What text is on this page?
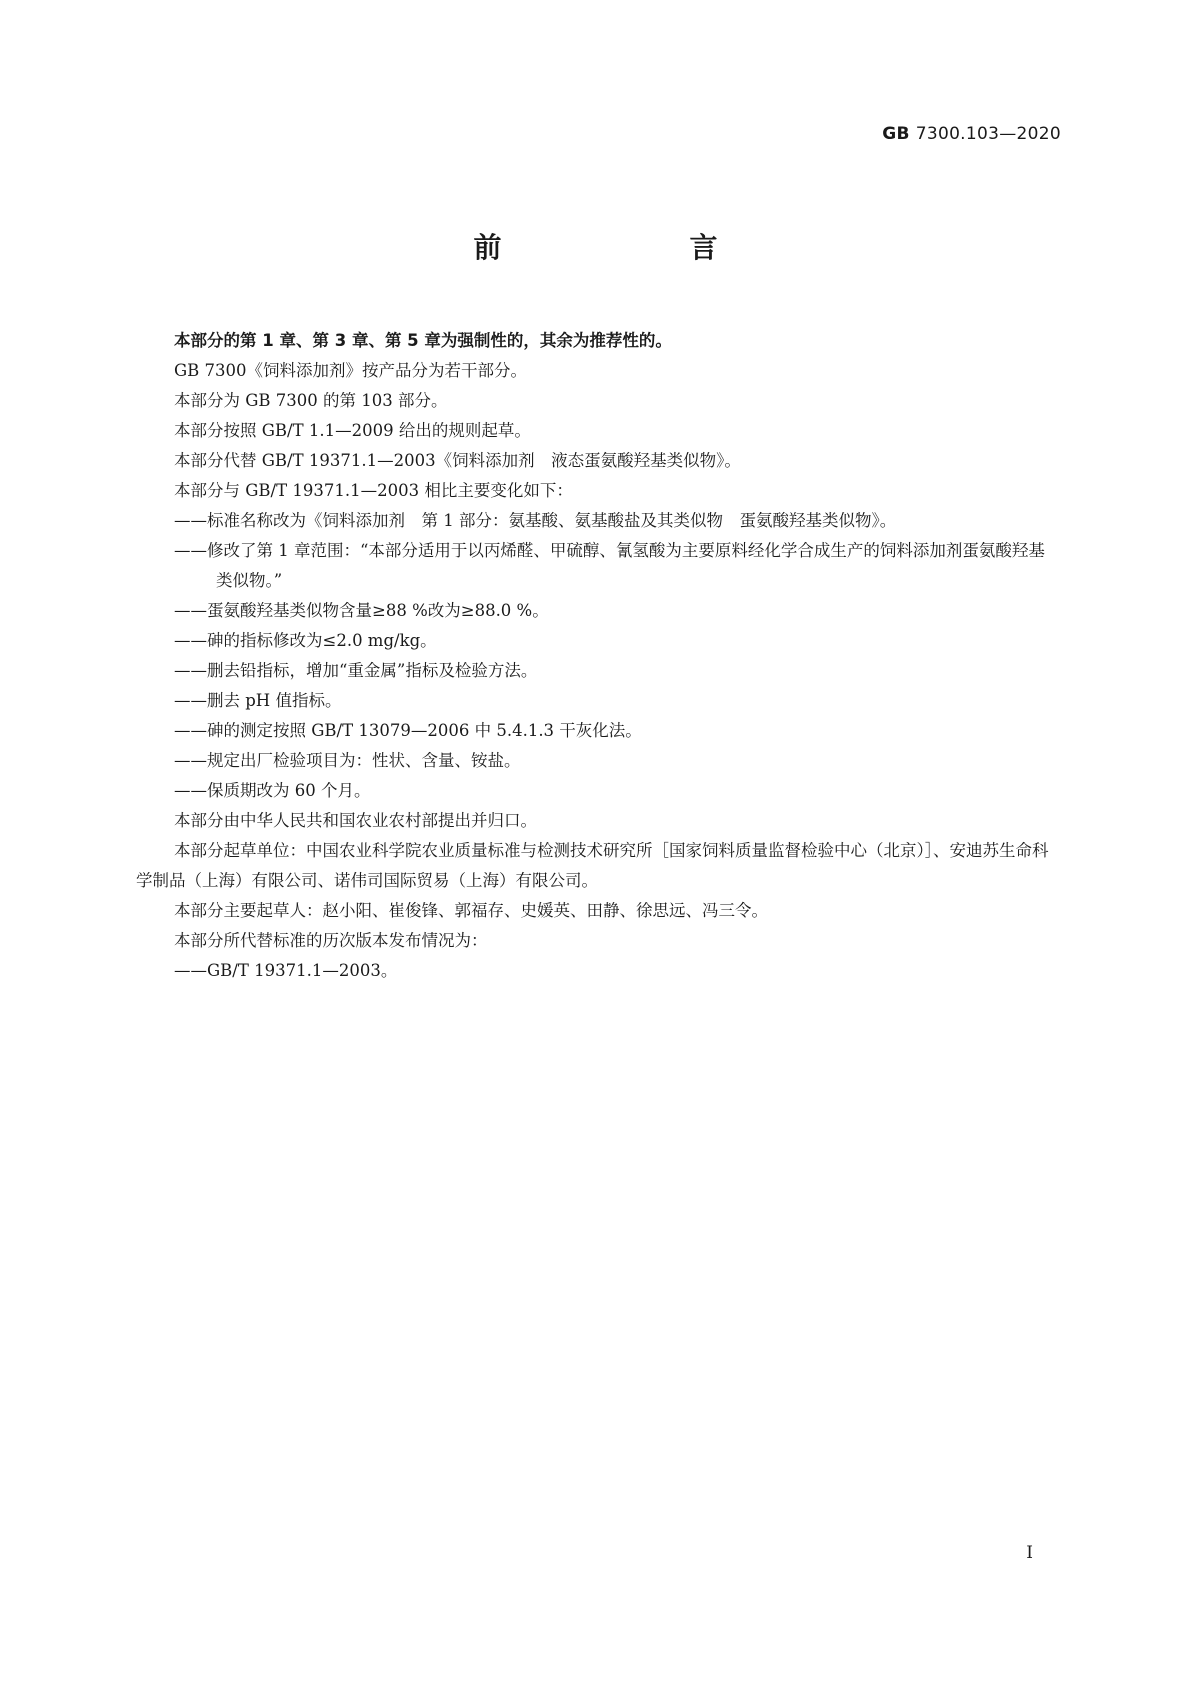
GB 7300.103—2020
前　　言

本部分的第 1 章、第 3 章、第 5 章为强制性的，其余为推荐性的。

GB 7300《饲料添加剂》按产品分为若干部分。

本部分为 GB 7300 的第 103 部分。

本部分按照 GB/T 1.1—2009 给出的规则起草。

本部分代替 GB/T 19371.1—2003《饲料添加剂　液态蛋氨酸羟基类似物》。

本部分与 GB/T 19371.1—2003 相比主要变化如下：

——标准名称改为《饲料添加剂　第 1 部分：氨基酸、氨基酸盐及其类似物　蛋氨酸羟基类似物》。

——修改了第 1 章范围：“本部分适用于以丙烯醛、甲硫醇、氰氢酸为主要原料经化学合成生产的饲料添加剂蛋氨酸羟基类似物。”

——蛋氨酸羟基类似物含量≥88 %改为≥88.0 %。

——砷的指标修改为≤2.0 mg/kg。

——删去铅指标，增加“重金属”指标及检验方法。

——删去 pH 值指标。

——砷的测定按照 GB/T 13079—2006 中 5.4.1.3 干灰化法。

——规定出厂检验项目为：性状、含量、铵盐。

——保质期改为 60 个月。

本部分由中华人民共和国农业农村部提出并归口。

本部分起草单位：中国农业科学院农业质量标准与检测技术研究所［国家饲料质量监督检验中心（北京）］、安迪苏生命科学制品（上海）有限公司、诺伟司国际贸易（上海）有限公司。

本部分主要起草人：赵小阳、崔俊锋、郭福存、史媛英、田静、徐思远、冯三令。

本部分所代替标准的历次版本发布情况为：

——GB/T 19371.1—2003。

I
